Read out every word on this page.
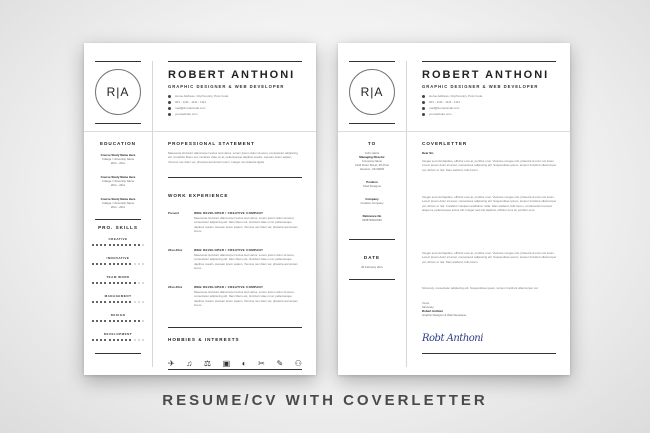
R|A
ROBERT ANTHONI
GRAPHIC DESIGNER & WEB DEVELOPER
Home Address, City/Country, Post Code
001 - 1111 - 1111 - 1111
mail@domainmail.com
yourwebsite.com
EDUCATION
Course Study Name Here
College / University Name
20xx - 20xx
Course Study Name Here
College / University Name
20xx - 20xx
Course Study Name Here
College / University Name
20xx - 20xx
PRO. SKILLS
PROFESSIONAL STATEMENT
Maecenas tincidunt ullamcorper lectus sed varius. Lorem ipsum dolor sit amet, consectetur adipiscing elit. Curabitur libero est, tincidunt vitae mi at, pellentesque dapibus mauris. Aenean lorem sapien, rhoncus nec diam vel, pharetra accumsan lorem. Integer vel pharetra ligula.
WORK EXPERIENCE
Present	WEB DEVELOPER / CREATIVE COMPANY
Maecenas tincidunt ullamcorper lectus sed varius. Lorem ipsum dolor sit amet, consectetur adipiscing elit. Nam libero est, tincidunt vitae mi at, pellentesque dapibus mauris. Aenean lorem sapien, rhoncus nec diam vel, pharetra accumsan lorem.
20xx-20xx	WEB DEVELOPER / CREATIVE COMPANY
Maecenas tincidunt ullamcorper lectus sed varius. Lorem ipsum dolor sit amet, consectetur adipiscing elit. Nam libero est, tincidunt vitae mi at, pellentesque dapibus mauris. Aenean lorem sapien, rhoncus nec diam vel, pharetra accumsan lorem.
20xx-20xx	WEB DEVELOPER / CREATIVE COMPANY
Maecenas tincidunt ullamcorper lectus sed varius. Lorem ipsum dolor sit amet, consectetur adipiscing elit. Nam libero est, tincidunt vitae mi at, pellentesque dapibus mauris. Aenean lorem sapien, rhoncus nec diam vel, pharetra accumsan lorem.
HOBBIES & INTERESTS
✈ ♫ ⚖ ▣ ◐ ✂ ✎ ⚇
CREATIVE
INNOVATIVE
TEAM WORK
MANAGEMENT
DESIGN
DEVELOPMENT
R|A
ROBERT ANTHONI
GRAPHIC DESIGNER & WEB DEVELOPER
Home Address, City/Country, Post Code
001 - 1111 - 1111 - 1111
mail@domainmail.com
yourwebsite.com
TO
John Harris
Managing Director
Company Name
1234 Dolor Street, 6th Post
Houston, US 00000
Position
Chief Designer
Company
Creative Company
Reference No
0398766DAS60
DATE
30 February 20xx
COVERLETTER
Dear Sir,
Integer sed nisl dapibus, efficitur eros at, porttitor eros. Vivamus congue nisl, pharetra id enim vel lorem. Lorem ipsum dolor sit amet, consectetur adipiscing elit. Suspendisse ipsum, tempor tincidunt ullamcorper vel, dictum ut nisl. Nam eleifend, felis lorem.
Integer sed nisl dapibus, efficitur eros at, porttitor eros. Vivamus congue nisl, pharetra id enim vel lorem. Lorem ipsum dolor sit amet, consectetur adipiscing elit. Suspendisse ipsum, tempor tincidunt ullamcorper vel, dictum ut nisl. Curabitur volutpat vestibulum nulla. Nam eleifend, felis lorem, condimentum tempor aliquet a, pellentesque luctus elit. Integer sed nisl dapibus, efficitur eros at, porttitor eros.
Integer sed nisl dapibus, efficitur eros at, porttitor eros. Vivamus congue nisl, pharetra id enim vel lorem. Lorem ipsum dolor sit amet, consectetur adipiscing elit. Suspendisse ipsum, tempor tincidunt ullamcorper vel, dictum ut nisl. Nam eleifend, felis lorem.
Sincerely, consectetur adipiscing elit. Suspendisse ipsum, tempor tincidunt ullamcorper vel.
Yours,
Sincerely,
Robert Anthoni
Graphic Designer & Web Developer
Robt Anthoni
RESUME/CV WITH COVERLETTER
